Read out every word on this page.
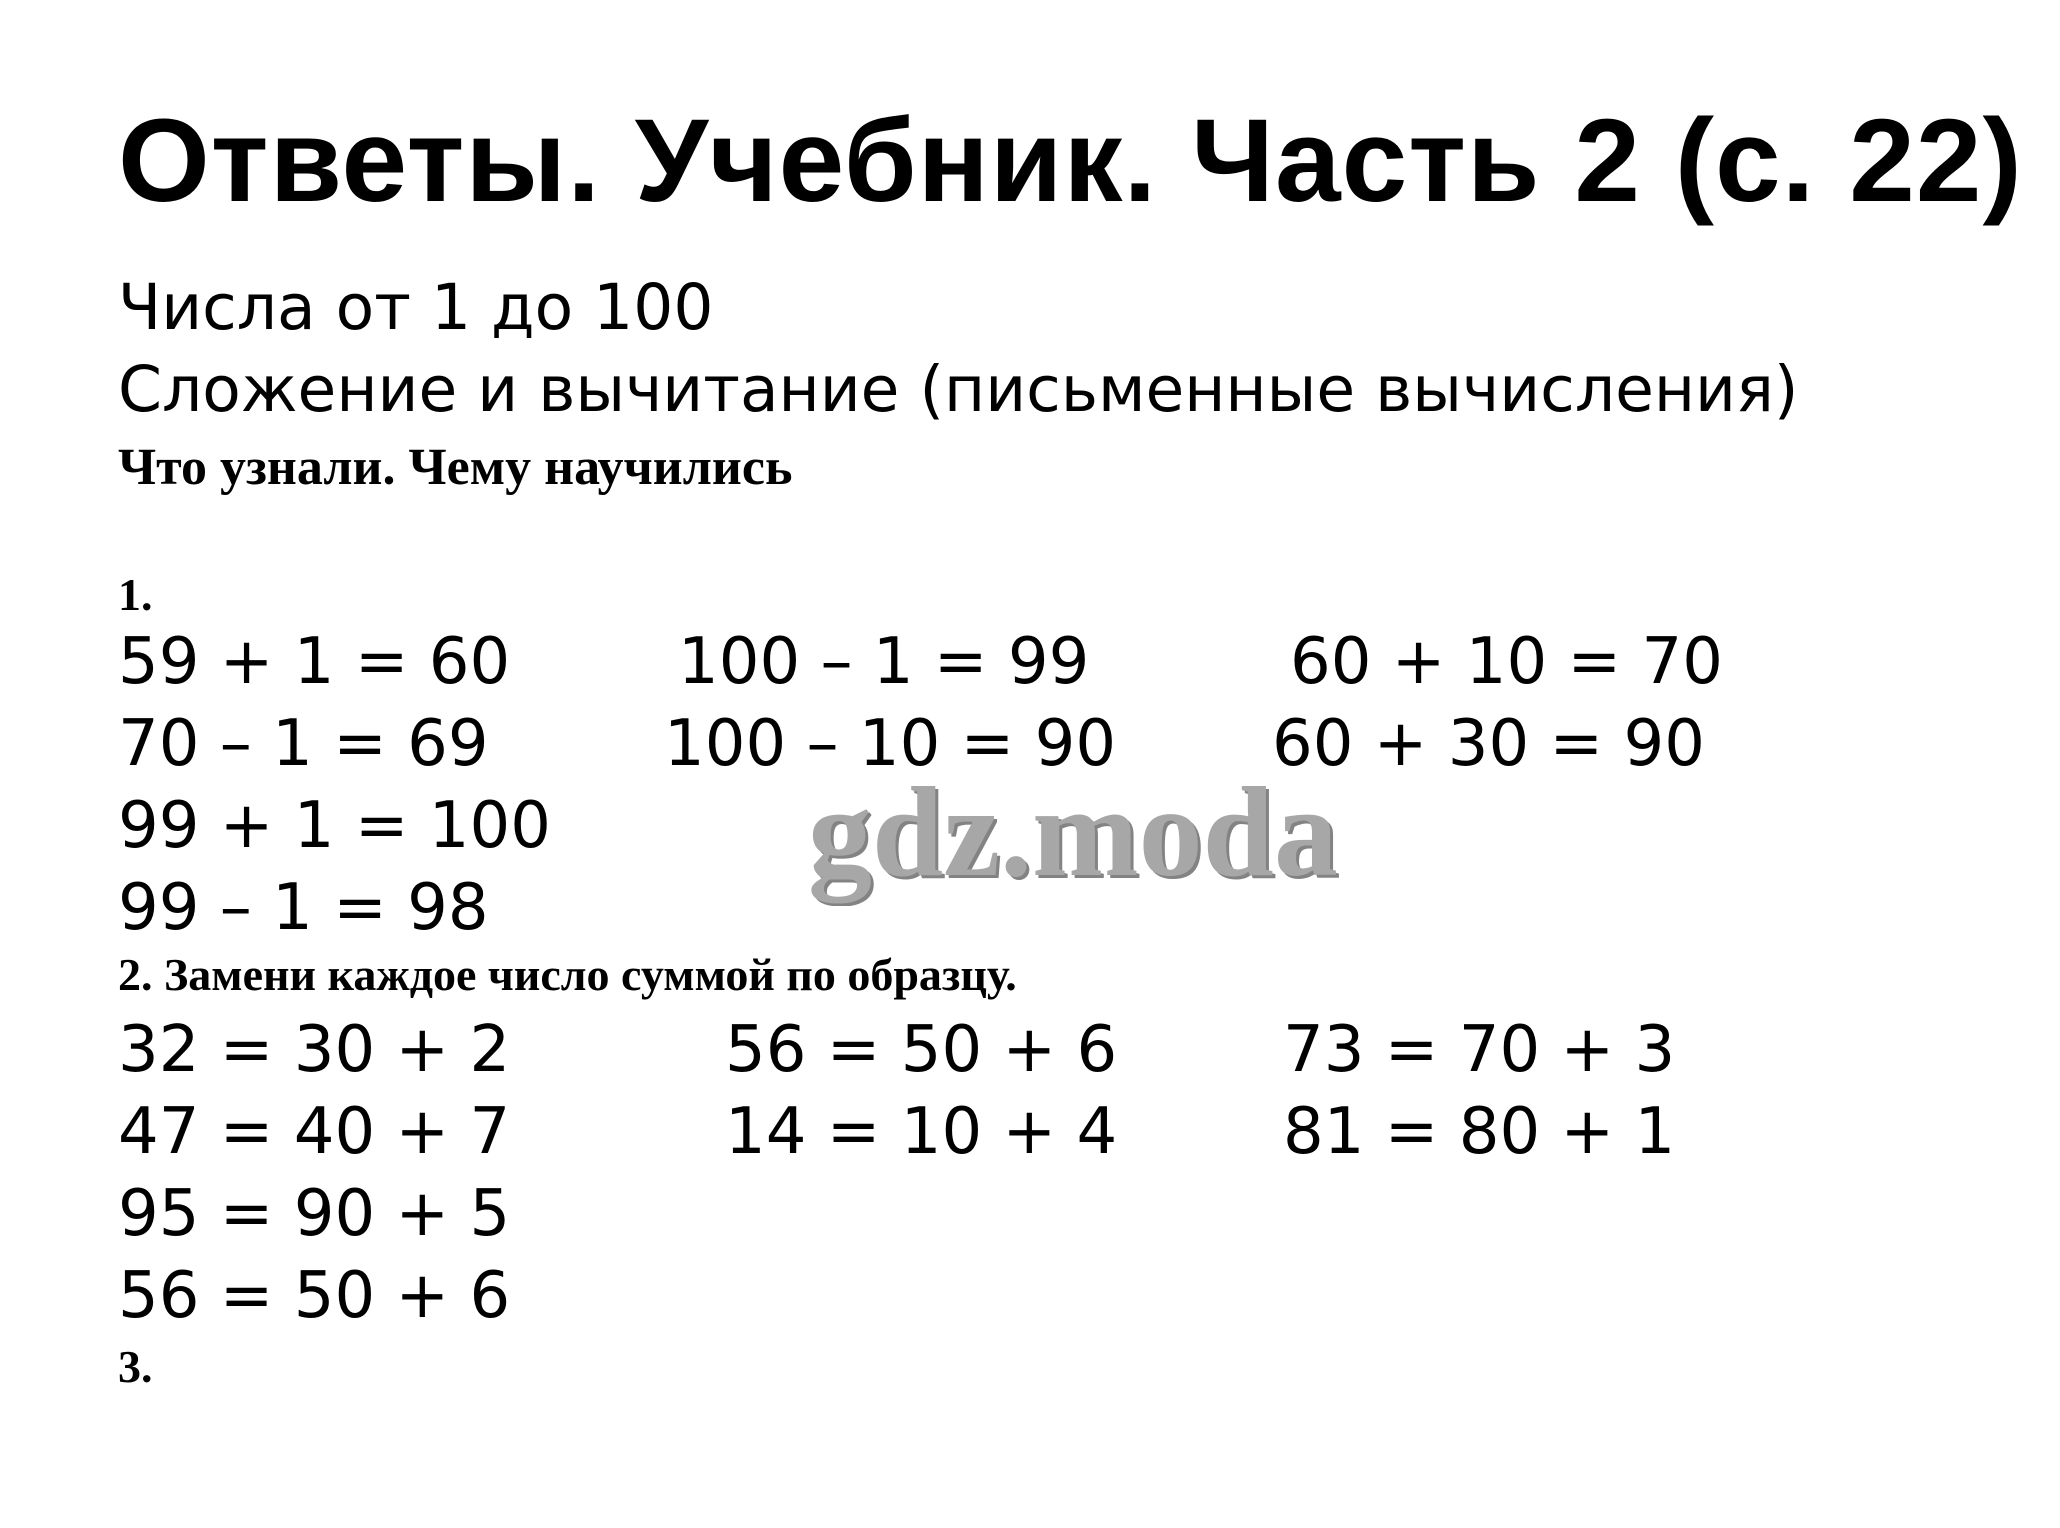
Ответы. Учебник. Часть 2 (с. 22)
Числа от 1 до 100
Сложение и вычитание (письменные вычисления)
Что узнали. Чему научились
1.
59 + 1 = 60
70 – 1 = 69
99 + 1 = 100
99 – 1 = 98
100 – 1 = 99
100 – 10 = 90
60 + 10 = 70
60 + 30 = 90
gdz.moda
2. Замени каждое число суммой по образцу.
32 = 30 + 2
47 = 40 + 7
95 = 90 + 5
56 = 50 + 6
56 = 50 + 6
14 = 10 + 4
73 = 70 + 3
81 = 80 + 1
3.
